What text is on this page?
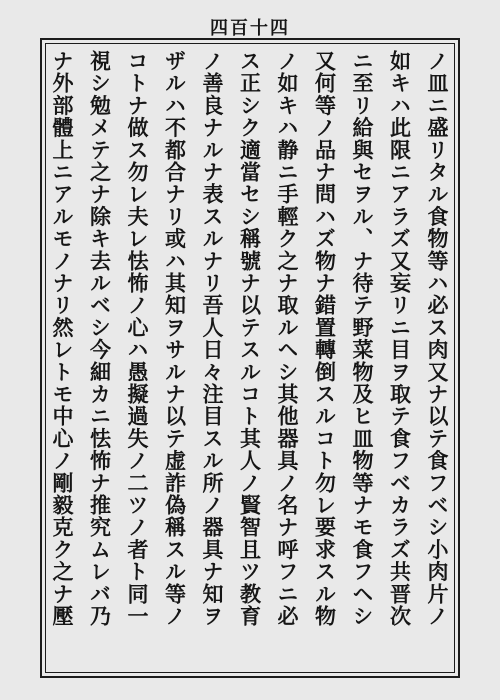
四百十四
ノ皿ニ盛リタル食物等ハ必ス肉又ナ以テ食フベシ小肉片ノ
如キハ此限ニアラズ又妄リニ目ヲ取テ食フベカラズ共晋次
ニ至リ給與セヲル、ナ待テ野菜物及ヒ皿物等ナモ食フヘシ
又何等ノ品ナ問ハズ物ナ錯置轉倒スルコト勿レ要求スル物
ノ如キハ静ニ手輕ク之ナ取ルヘシ其他器具ノ名ナ呼フニ必
ス正シク適當セシ稱號ナ以テスルコト其人ノ賢智且ツ教育
ノ善良ナルナ表スルナリ吾人日々注目スル所ノ器具ナ知ヲ
ザルハ不都合ナリ或ハ其知ヲサルナ以テ虚詐偽稱スル等ノ
コトナ做ス勿レ夫レ怯怖ノ心ハ愚擬過失ノ二ツノ者ト同一
視シ勉メテ之ナ除キ去ルベシ今細カニ怯怖ナ推究ムレバ乃
ナ外部體上ニアルモノナリ然レトモ中心ノ剛毅克ク之ナ壓
